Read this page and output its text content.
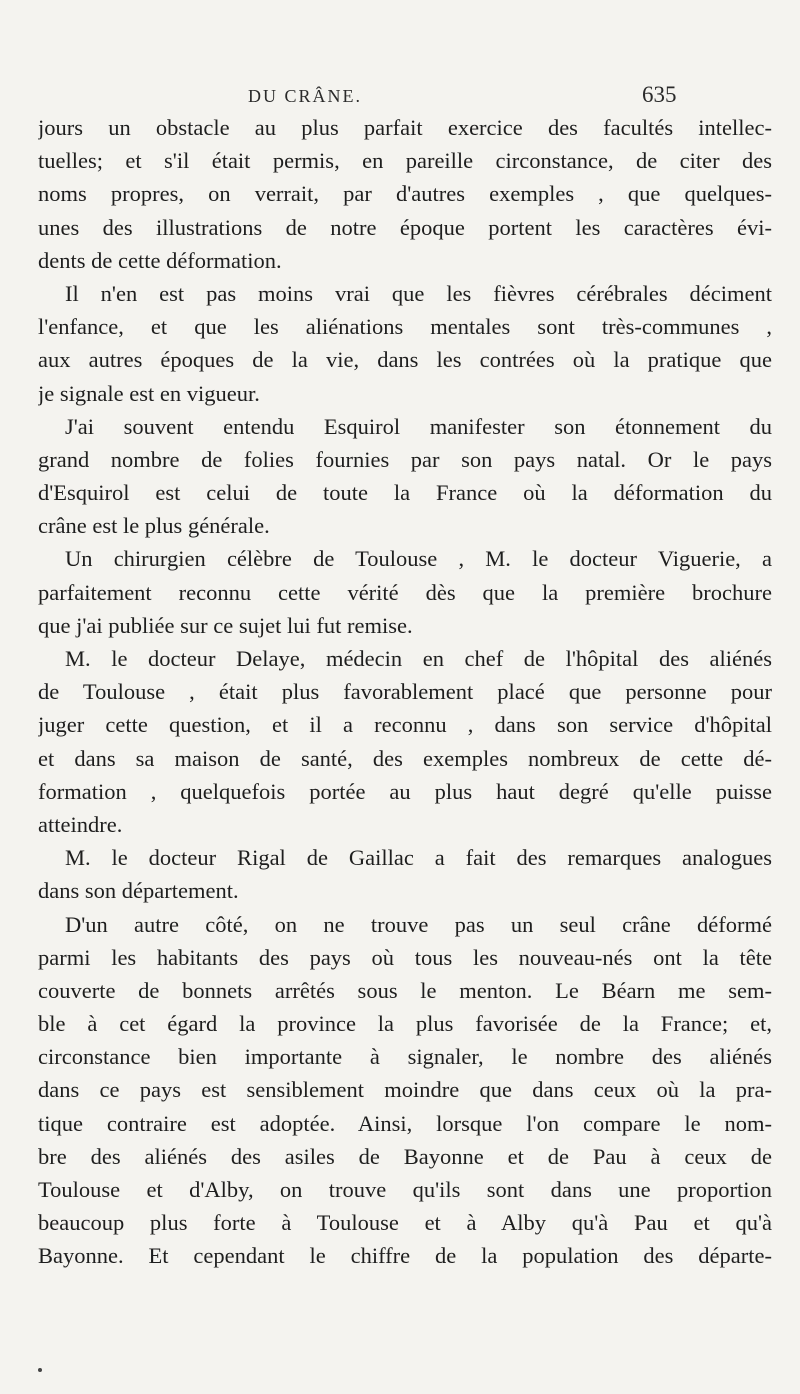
DU CRÂNE.	635
jours un obstacle au plus parfait exercice des facultés intellec-
tuelles; et s'il était permis, en pareille circonstance, de citer des
noms propres, on verrait, par d'autres exemples , que quelques-
unes des illustrations de notre époque portent les caractères évi-
dents de cette déformation.
Il n'en est pas moins vrai que les fièvres cérébrales déciment
l'enfance, et que les aliénations mentales sont très-communes ,
aux autres époques de la vie, dans les contrées où la pratique que
je signale est en vigueur.
J'ai souvent entendu Esquirol manifester son étonnement du
grand nombre de folies fournies par son pays natal. Or le pays
d'Esquirol est celui de toute la France où la déformation du
crâne est le plus générale.
Un chirurgien célèbre de Toulouse , M. le docteur Viguerie, a
parfaitement reconnu cette vérité dès que la première brochure
que j'ai publiée sur ce sujet lui fut remise.
M. le docteur Delaye, médecin en chef de l'hôpital des aliénés
de Toulouse , était plus favorablement placé que personne pour
juger cette question, et il a reconnu , dans son service d'hôpital
et dans sa maison de santé, des exemples nombreux de cette dé-
formation , quelquefois portée au plus haut degré qu'elle puisse
atteindre.
M. le docteur Rigal de Gaillac a fait des remarques analogues
dans son département.
D'un autre côté, on ne trouve pas un seul crâne déformé
parmi les habitants des pays où tous les nouveau-nés ont la tête
couverte de bonnets arrêtés sous le menton. Le Béarn me sem-
ble à cet égard la province la plus favorisée de la France; et,
circonstance bien importante à signaler, le nombre des aliénés
dans ce pays est sensiblement moindre que dans ceux où la pra-
tique contraire est adoptée. Ainsi, lorsque l'on compare le nom-
bre des aliénés des asiles de Bayonne et de Pau à ceux de
Toulouse et d'Alby, on trouve qu'ils sont dans une proportion
beaucoup plus forte à Toulouse et à Alby qu'à Pau et qu'à
Bayonne. Et cependant le chiffre de la population des départe-
